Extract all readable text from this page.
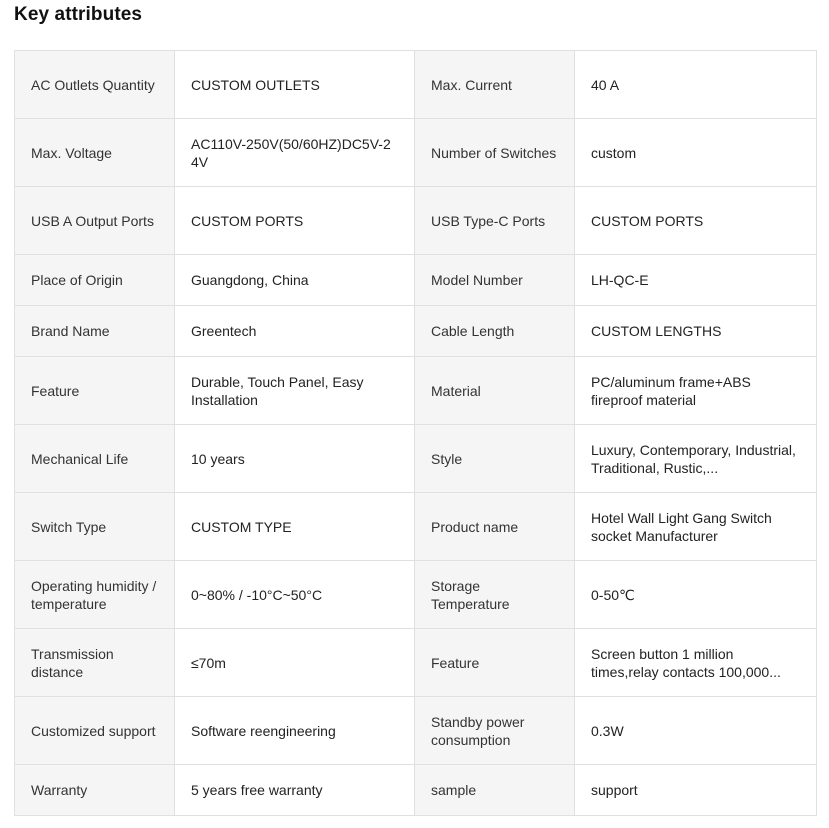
Key attributes
AC Outlets Quantity	CUSTOM OUTLETS	Max. Current	40 A

Max. Voltage	AC110V-250V(50/60HZ)DC5V-24V	Number of Switches	custom

USB A Output Ports	CUSTOM PORTS	USB Type-C Ports	CUSTOM PORTS

Place of Origin	Guangdong, China	Model Number	LH-QC-E

Brand Name	Greentech	Cable Length	CUSTOM LENGTHS

Feature	Durable, Touch Panel, Easy Installation	Material	PC/aluminum frame+ABS fireproof material

Mechanical Life	10 years	Style	Luxury, Contemporary, Industrial, Traditional, Rustic,...

Switch Type	CUSTOM TYPE	Product name	Hotel Wall Light Gang Switch socket Manufacturer

Operating humidity / temperature	0~80% / -10°C~50°C	Storage Temperature	0-50℃

Transmission distance	≤70m	Feature	Screen button 1 million times,relay contacts 100,000...

Customized support	Software reengineering	Standby power consumption	0.3W

Warranty	5 years free warranty	sample	support
